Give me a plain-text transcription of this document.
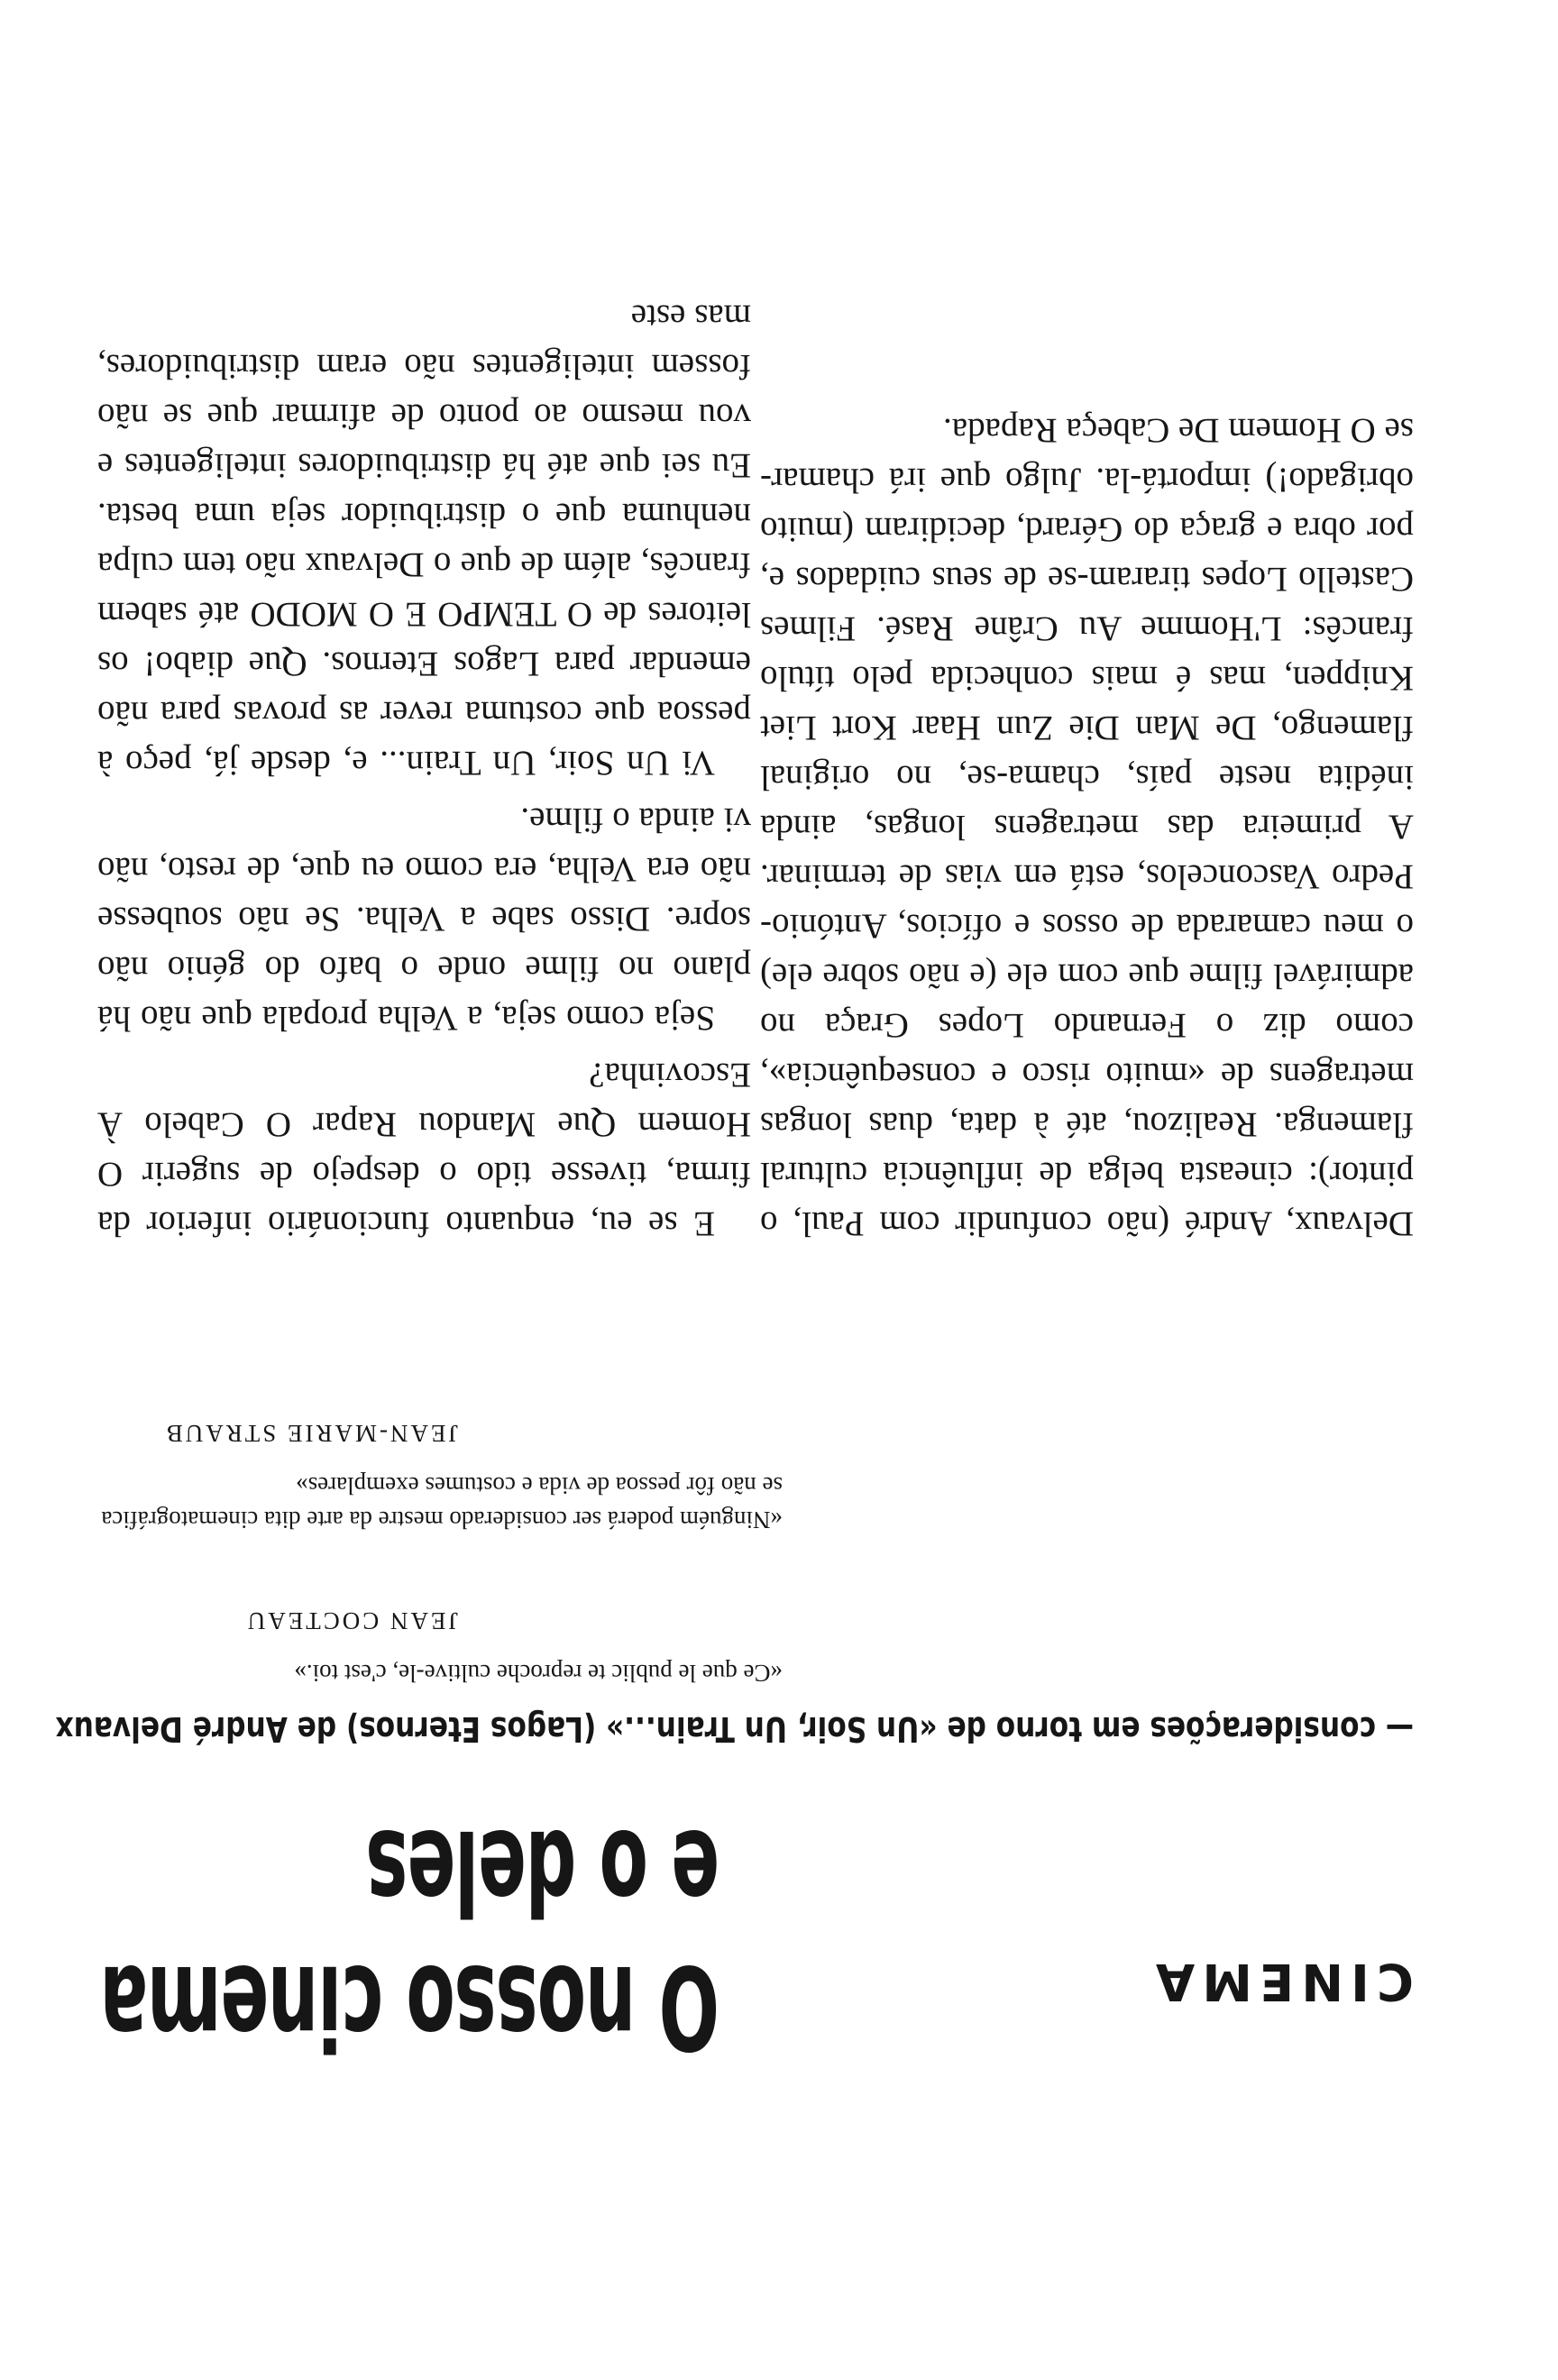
CINEMA
O nosso cinema
e o deles
— considerações em torno de «Un Soir, Un Train...» (Lagos Eternos) de André Delvaux

«Ce que le public te reproche cultive-le, c'est toi.»

JEAN COCTEAU

«Ninguém poderá ser considerado mestre da arte dita cinematográfica se não fôr pessoa de vida e costumes exemplares»

JEAN-MARIE STRAUB

Delvaux, André (não confundir com Paul, o pintor): cineasta belga de influência cultural flamenga. Realizou, até à data, duas longas metragens de «muito risco e consequência», como diz o Fernando Lopes Graça no admirável filme que com ele (e não sobre ele) o meu camarada de ossos e ofícios, António-Pedro Vasconcelos, está em vias de terminar. A primeira das metragens longas, ainda inédita neste país, chama-se, no original flamengo, De Man Die Zun Haar Kort Liet Knippen, mas é mais conhecida pelo título francês: L'Homme Au Crâne Rasé. Filmes Castello Lopes tiraram-se de seus cuidados e, por obra e graça do Gérard, decidiram (muito obrigado!) importá-la. Julgo que irá chamar-se O Homem De Cabeça Rapada.

E se eu, enquanto funcionário inferior da firma, tivesse tido o despejo de sugerir O Homem Que Mandou Rapar O Cabelo À Escovinha?

Seja como seja, a Velha propala que não há plano no filme onde o bafo do génio não sopre. Disso sabe a Velha. Se não soubesse não era Velha, era como eu que, de resto, não vi ainda o filme.

Vi Un Soir, Un Train... e, desde já, peço à pessoa que costuma rever as provas para não emendar para Lagos Eternos. Que diabo! os leitores de O TEMPO E O MODO até sabem francês, além de que o Delvaux não tem culpa nenhuma que o distribuidor seja uma besta. Eu sei que até há distribuidores inteligentes e vou mesmo ao ponto de afirmar que se não fossem inteligentes não eram distribuidores, mas este
